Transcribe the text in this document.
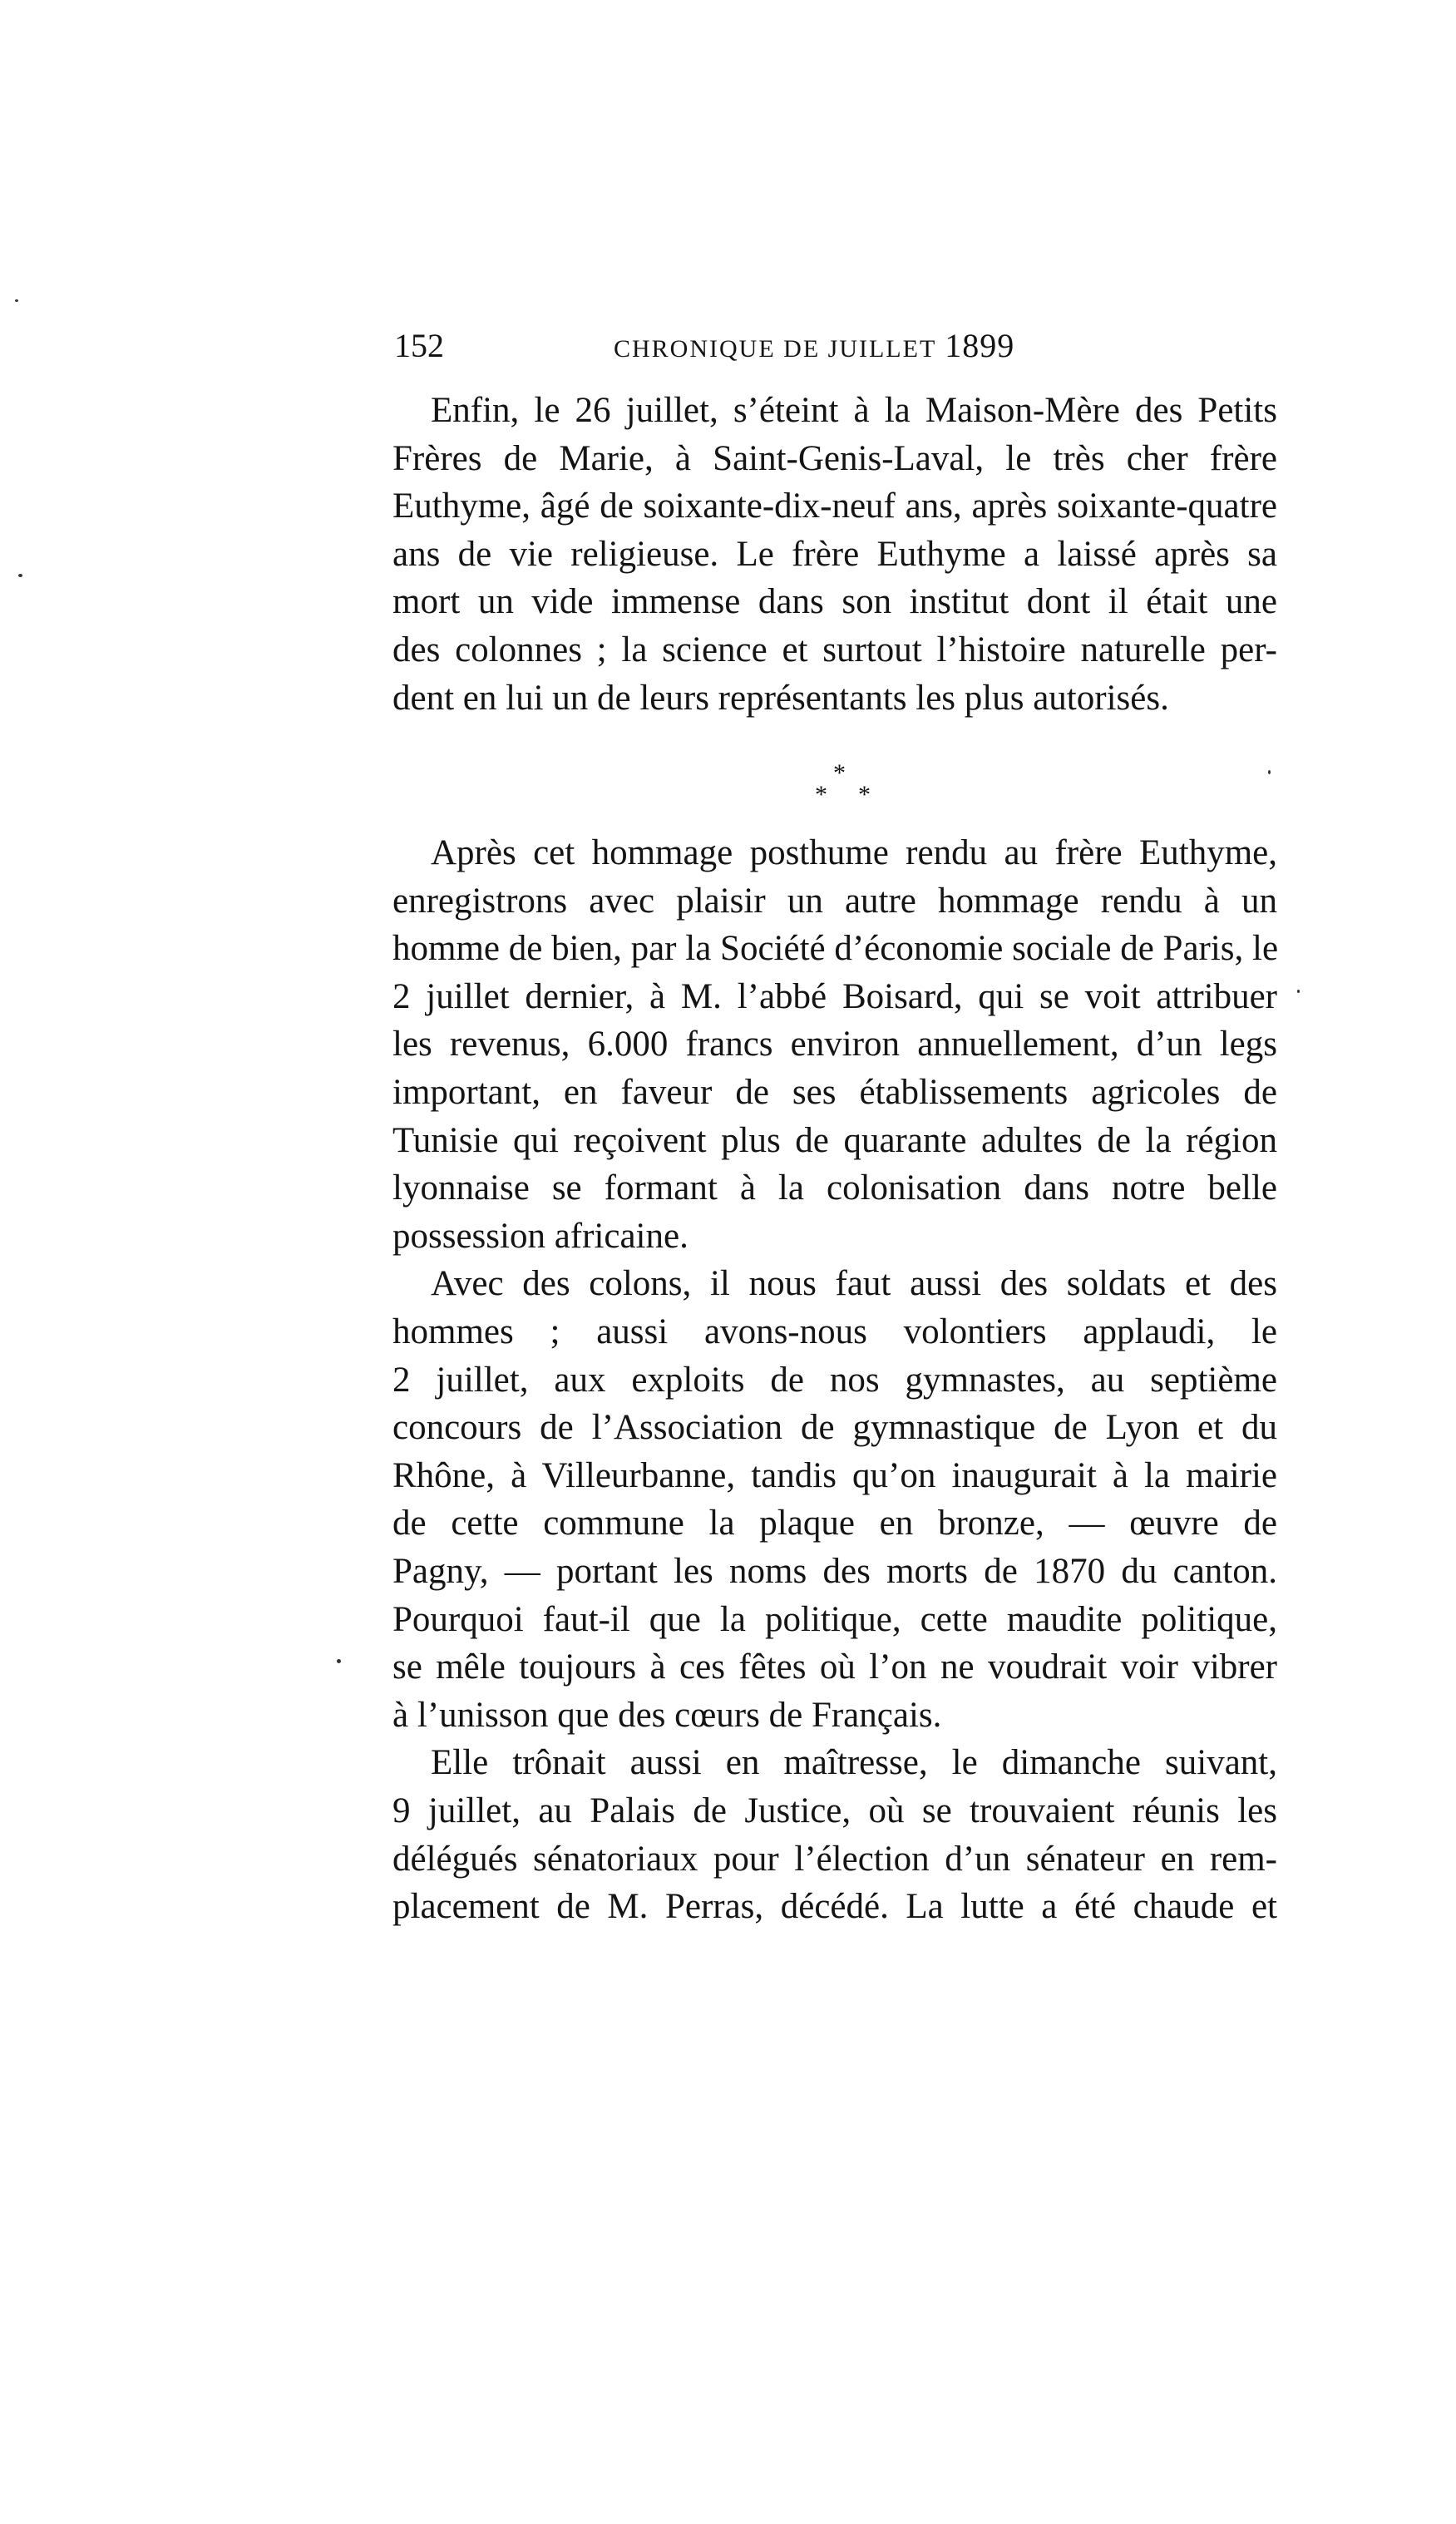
152	CHRONIQUE DE JUILLET 1899
Enfin, le 26 juillet, s’éteint à la Maison-Mère des Petits
Frères de Marie, à Saint-Genis-Laval, le très cher frère
Euthyme, âgé de soixante-dix-neuf ans, après soixante-quatre
ans de vie religieuse. Le frère Euthyme a laissé après sa
mort un vide immense dans son institut dont il était une
des colonnes ; la science et surtout l’histoire naturelle per-
dent en lui un de leurs représentants les plus autorisés.
*
* *
Après cet hommage posthume rendu au frère Euthyme,
enregistrons avec plaisir un autre hommage rendu à un
homme de bien, par la Société d’économie sociale de Paris, le
2 juillet dernier, à M. l’abbé Boisard, qui se voit attribuer
les revenus, 6.000 francs environ annuellement, d’un legs
important, en faveur de ses établissements agricoles de
Tunisie qui reçoivent plus de quarante adultes de la région
lyonnaise se formant à la colonisation dans notre belle
possession africaine.
Avec des colons, il nous faut aussi des soldats et des
hommes ; aussi avons-nous volontiers applaudi, le
2 juillet, aux exploits de nos gymnastes, au septième
concours de l’Association de gymnastique de Lyon et du
Rhône, à Villeurbanne, tandis qu’on inaugurait à la mairie
de cette commune la plaque en bronze, — œuvre de
Pagny, — portant les noms des morts de 1870 du canton.
Pourquoi faut-il que la politique, cette maudite politique,
se mêle toujours à ces fêtes où l’on ne voudrait voir vibrer
à l’unisson que des cœurs de Français.
Elle trônait aussi en maîtresse, le dimanche suivant,
9 juillet, au Palais de Justice, où se trouvaient réunis les
délégués sénatoriaux pour l’élection d’un sénateur en rem-
placement de M. Perras, décédé. La lutte a été chaude et
